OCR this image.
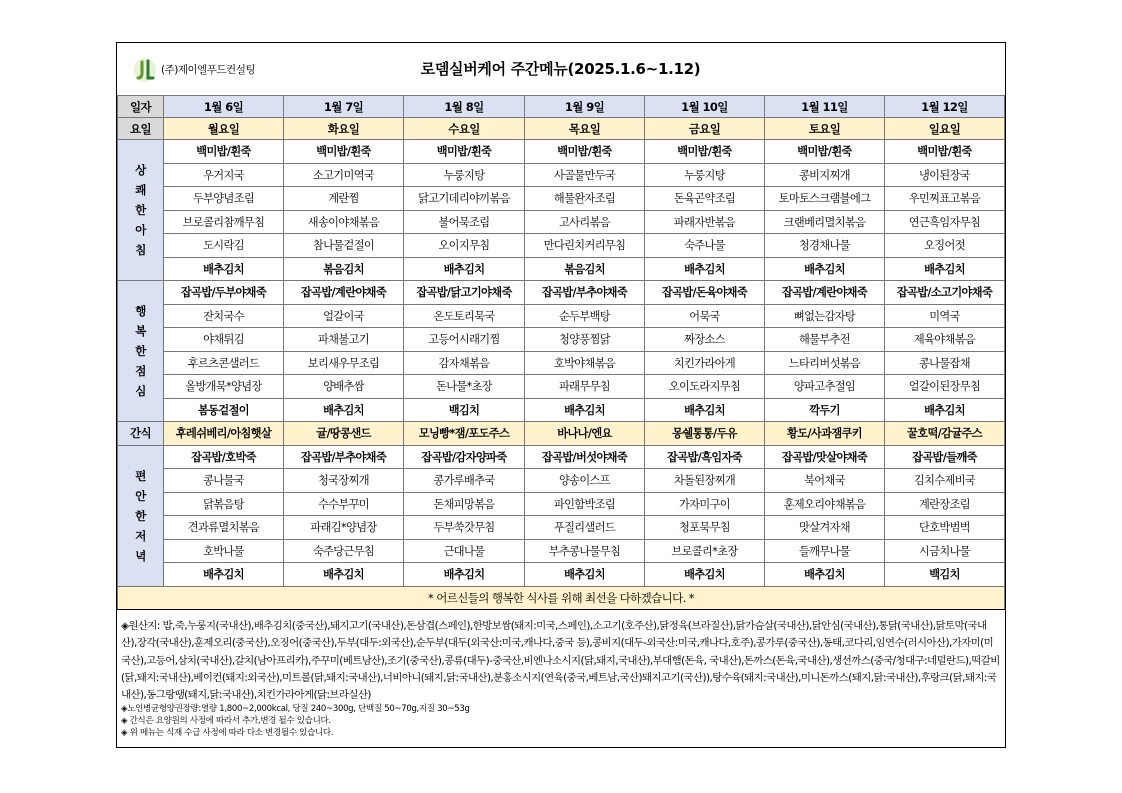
(주)제이엘푸드컨설팅	로뎀실버케어 주간메뉴(2025.1.6~1.12)
일자	1월 6일	1월 7일	1월 8일	1월 9일	1월 10일	1월 11일	1월 12일
요일	월요일	화요일	수요일	목요일	금요일	토요일	일요일

상
쾌
한
아
침	백미밥/흰죽	백미밥/흰죽	백미밥/흰죽	백미밥/흰죽	백미밥/흰죽	백미밥/흰죽	백미밥/흰죽
	우거지국	소고기미역국	누룽지탕	사골물만두국	누룽지탕	콩비지찌개	냉이된장국
	두부양념조림	계란찜	닭고기데리야끼볶음	해물완자조림	돈육곤약조림	토마토스크램블에그	우민찌표고볶음
	브로콜리참깨무침	새송이야채볶음	불어묵조림	고사리볶음	파래자반볶음	크랜베리멸치볶음	연근흑임자무침
	도시락김	참나물겉절이	오이지무침	만다린치커리무침	숙주나물	청경채나물	오징어젓
	배추김치	볶음김치	배추김치	볶음김치	배추김치	배추김치	배추김치

행
복
한
점
심	잡곡밥/두부야채죽	잡곡밥/계란야채죽	잡곡밥/닭고기야채죽	잡곡밥/부추야채죽	잡곡밥/돈육야채죽	잡곡밥/계란야채죽	잡곡밥/소고기야채죽
	잔치국수	얼갈이국	온도토리묵국	순두부백탕	어묵국	뼈없는감자탕	미역국
	야채튀김	파채불고기	고등어시래기찜	청양풍찜닭	짜장소스	해물부추전	제육야채볶음
	후르츠콘샐러드	보리새우무조림	감자채볶음	호박야채볶음	치킨가라아게	느타리버섯볶음	콩나물잡채
	올방개묵*양념장	양배추쌈	돈나물*초장	파래무무침	오이도라지무침	양파고추절임	얼갈이된장무침
	봄동겉절이	배추김치	백김치	배추김치	배추김치	깍두기	배추김치
간식	후레쉬베리/아침햇살	귤/땅콩샌드	모닝빵*잼/포도주스	바나나/엔요	몽쉘통통/두유	황도/사과잼쿠키	꿀호떡/감귤주스

편
안
한
저
녁	잡곡밥/호박죽	잡곡밥/부추야채죽	잡곡밥/감자양파죽	잡곡밥/버섯야채죽	잡곡밥/흑임자죽	잡곡밥/맛살야채죽	잡곡밥/들깨죽
	콩나물국	청국장찌개	콩가루배추국	양송이스프	차돌된장찌개	북어채국	김치수제비국
	닭볶음탕	수수부꾸미	돈채피망볶음	파인함박조림	가자미구이	훈제오리야채볶음	계란장조림
	견과류멸치볶음	파래김*양념장	두부쑥갓무침	푸질리샐러드	청포묵무침	맛살겨자채	단호박범벅
	호박나물	숙주당근무침	근대나물	부추콩나물무침	브로콜리*초장	들깨무나물	시금치나물
	배추김치	배추김치	배추김치	배추김치	배추김치	배추김치	백김치
* 어르신들의 행복한 식사를 위해 최선을 다하겠습니다. *							
◈원산지: 밥,죽,누룽지(국내산),배추김치(중국산),돼지고기(국내산),돈삼겹(스페인),한방보쌈(돼지:미국,스페인),소고기(호주산),닭정육(브라질산),닭가슴살(국내산),닭안심(국내산),통닭(국내산),닭토막(국내산),장각(국내산),훈제오리(중국산),오징어(중국산),두부(대두:외국산),순두부(대두(외국산:미국,캐나다,중국 등),콩비지(대두-외국산:미국,캐나다,호주),콩가루(중국산),동태,코다리,임연수(러시아산),가자미(미국산),고등어,삼치(국내산),갈치(남아프리카),주꾸미(베트남산),조기(중국산),콩류(대두)-중국산,비엔나소시지(닭,돼지,국내산),부대햄(돈육, 국내산),돈까스(돈육,국내산),생선까스(중국/청대구:네덜란드),떡갈비(닭,돼지:국내산),베이컨(돼지:외국산),미트볼(닭,돼지:국내산),너비아니(돼지,닭:국내산),분홍소시지(연육(중국,베트남,국산)돼지고기(국산)),탕수육(돼지:국내산),미니돈까스(돼지,닭:국내산),후랑크(닭,돼지:국내산),동그랑땡(돼지,닭:국내산),치킨가라아게(닭:브라실산)
◈노인병균형양권장량:열량 1,800~2,000kcal, 당질 240~300g, 단백질 50~70g,지질 30~53g
◈ 간식은 요양원의 사정에 따라서 추가,변경 될수 있습니다.
◈ 위 메뉴는 식재 수급 사정에 따라 다소 변경될수 있습니다.
